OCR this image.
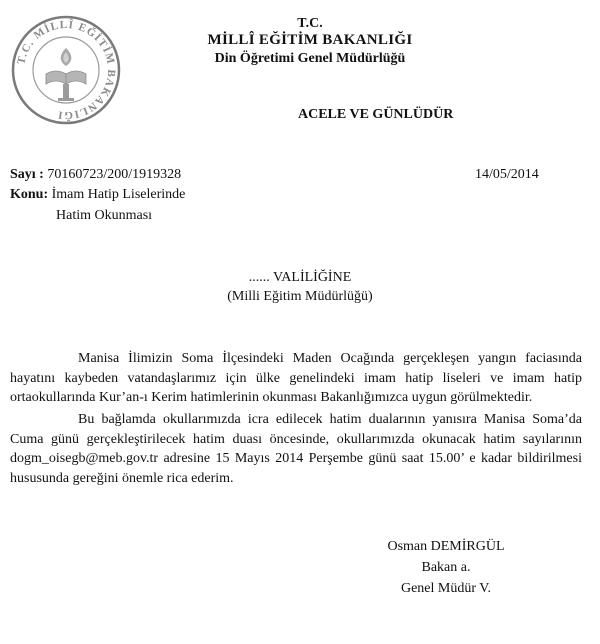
T.C. MİLLÎ EĞİTİM BAKANLIĞI
T.C.
MİLLÎ EĞİTİM BAKANLIĞI
Din Öğretimi Genel Müdürlüğü
ACELE VE GÜNLÜDÜR
Sayı : 70160723/200/1919328	14/05/2014
Konu: İmam Hatip Liselerinde
Hatim Okunması
...... VALİLİĞİNE
(Milli Eğitim Müdürlüğü)
Manisa İlimizin Soma İlçesindeki Maden Ocağında gerçekleşen yangın faciasında hayatını kaybeden vatandaşlarımız için ülke genelindeki imam hatip liseleri ve imam hatip ortaokullarında Kur’an-ı Kerim hatimlerinin okunması Bakanlığımızca uygun görülmektedir.
Bu bağlamda okullarımızda icra edilecek hatim dualarının yanısıra Manisa Soma’da Cuma günü gerçekleştirilecek hatim duası öncesinde, okullarımızda okunacak hatim sayılarının dogm_oisegb@meb.gov.tr adresine 15 Mayıs 2014 Perşembe günü saat 15.00’ e kadar bildirilmesi hususunda gereğini önemle rica ederim.
Osman DEMİRGÜL
Bakan a.
Genel Müdür V.
